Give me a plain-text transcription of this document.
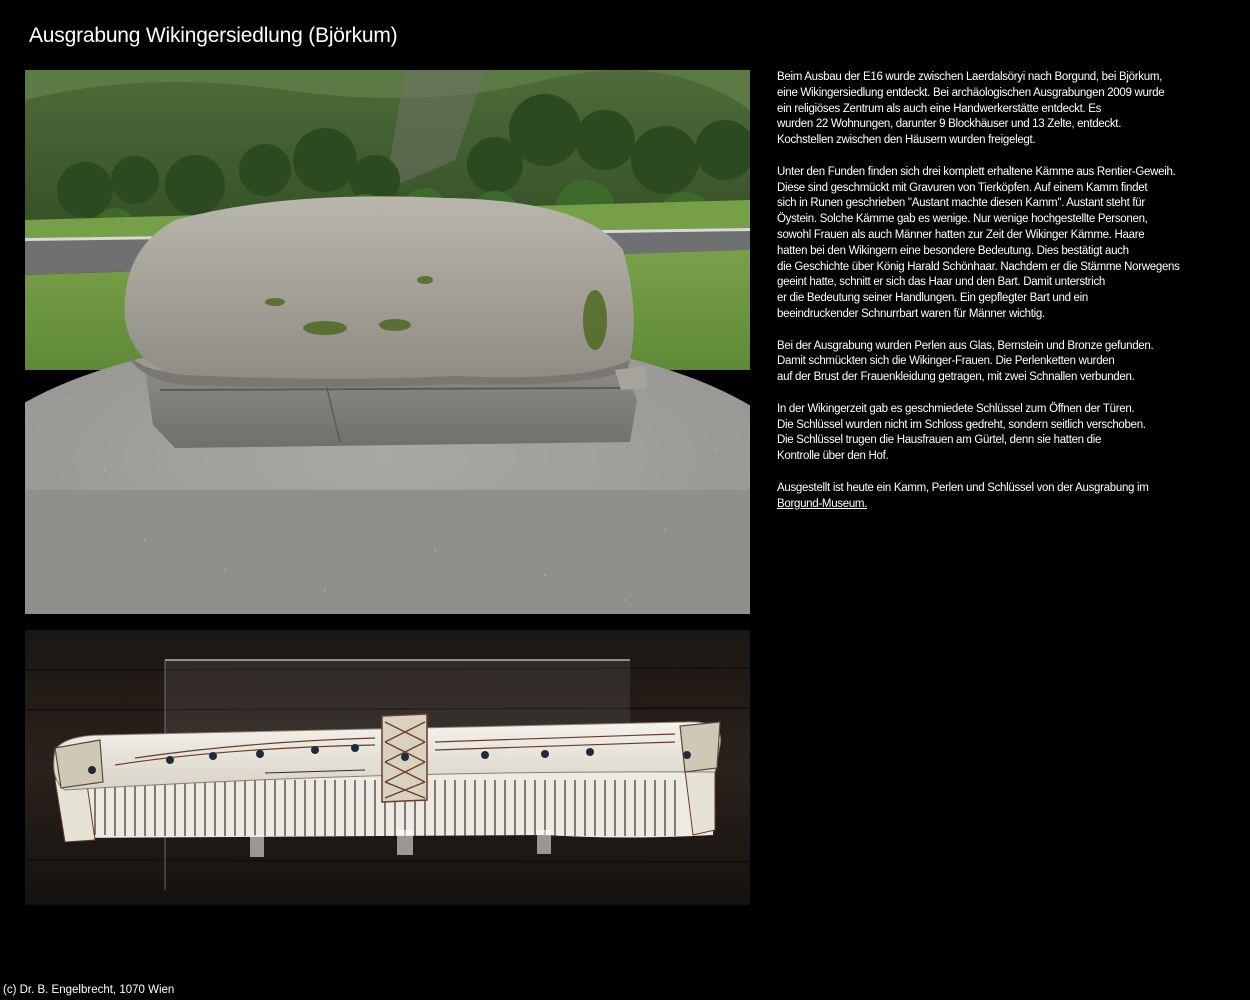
Ausgrabung Wikingersiedlung (Björkum)

Beim Ausbau der E16 wurde zwischen Laerdalsöryi nach Borgund, bei Björkum,
eine Wikingersiedlung entdeckt. Bei archäologischen Ausgrabungen 2009 wurde
ein religiöses Zentrum als auch eine Handwerkerstätte entdeckt. Es
wurden 22 Wohnungen, darunter 9 Blockhäuser und 13 Zelte, entdeckt.
Kochstellen zwischen den Häusern wurden freigelegt.

Unter den Funden finden sich drei komplett erhaltene Kämme aus Rentier-Geweih.
Diese sind geschmückt mit Gravuren von Tierköpfen. Auf einem Kamm findet
sich in Runen geschrieben "Austant machte diesen Kamm". Austant steht für
Öystein. Solche Kämme gab es wenige. Nur wenige hochgestellte Personen,
sowohl Frauen als auch Männer hatten zur Zeit der Wikinger Kämme. Haare
hatten bei den Wikingern eine besondere Bedeutung. Dies bestätigt auch
die Geschichte über König Harald Schönhaar. Nachdem er die Stämme Norwegens
geeint hatte, schnitt er sich das Haar und den Bart. Damit unterstrich
er die Bedeutung seiner Handlungen. Ein gepflegter Bart und ein
beeindruckender Schnurrbart waren für Männer wichtig.

Bei der Ausgrabung wurden Perlen aus Glas, Bernstein und Bronze gefunden.
Damit schmückten sich die Wikinger-Frauen. Die Perlenketten wurden
auf der Brust der Frauenkleidung getragen, mit zwei Schnallen verbunden.

In der Wikingerzeit gab es geschmiedete Schlüssel zum Öffnen der Türen.
Die Schlüssel wurden nicht im Schloss gedreht, sondern seitlich verschoben.
Die Schlüssel trugen die Hausfrauen am Gürtel, denn sie hatten die
Kontrolle über den Hof.

Ausgestellt ist heute ein Kamm, Perlen und Schlüssel von der Ausgrabung im
Borgund-Museum.

(c) Dr. B. Engelbrecht, 1070 Wien
